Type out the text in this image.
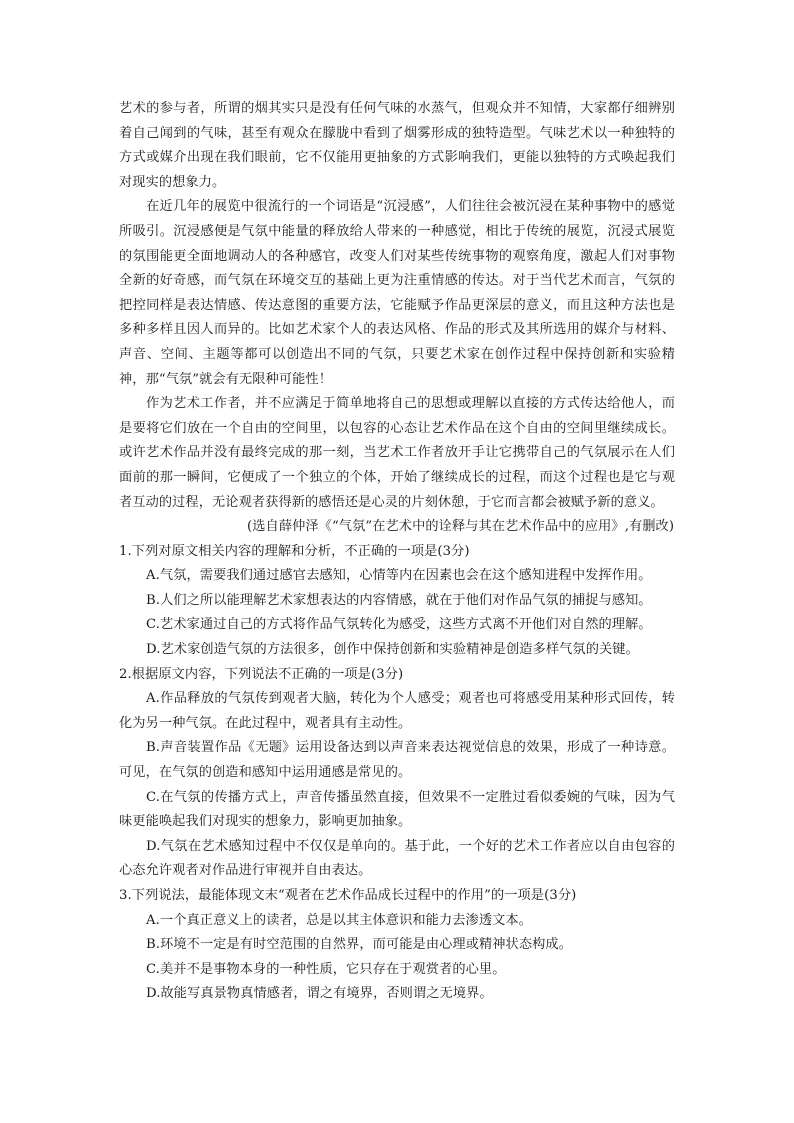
艺术的参与者，所谓的烟其实只是没有任何气味的水蒸气，但观众并不知情，大家都仔细辨别着自己闻到的气味，甚至有观众在朦胧中看到了烟雾形成的独特造型。气味艺术以一种独特的方式或媒介出现在我们眼前，它不仅能用更抽象的方式影响我们，更能以独特的方式唤起我们对现实的想象力。

在近几年的展览中很流行的一个词语是“沉浸感”，人们往往会被沉浸在某种事物中的感觉所吸引。沉浸感便是气氛中能量的释放给人带来的一种感觉，相比于传统的展览，沉浸式展览的氛围能更全面地调动人的各种感官，改变人们对某些传统事物的观察角度，激起人们对事物全新的好奇感，而气氛在环境交互的基础上更为注重情感的传达。对于当代艺术而言，气氛的把控同样是表达情感、传达意图的重要方法，它能赋予作品更深层的意义，而且这种方法也是多种多样且因人而异的。比如艺术家个人的表达风格、作品的形式及其所选用的媒介与材料、声音、空间、主题等都可以创造出不同的气氛，只要艺术家在创作过程中保持创新和实验精神，那“气氛”就会有无限种可能性！

作为艺术工作者，并不应满足于简单地将自己的思想或理解以直接的方式传达给他人，而是要将它们放在一个自由的空间里，以包容的心态让艺术作品在这个自由的空间里继续成长。或许艺术作品并没有最终完成的那一刻，当艺术工作者放开手让它携带自己的气氛展示在人们面前的那一瞬间，它便成了一个独立的个体，开始了继续成长的过程，而这个过程也是它与观者互动的过程，无论观者获得新的感悟还是心灵的片刻休憩，于它而言都会被赋予新的意义。

(选自薛仲泽《“气氛”在艺术中的诠释与其在艺术作品中的应用》,有删改)

1.下列对原文相关内容的理解和分析，不正确的一项是(3分)

A.气氛，需要我们通过感官去感知，心情等内在因素也会在这个感知进程中发挥作用。

B.人们之所以能理解艺术家想表达的内容情感，就在于他们对作品气氛的捕捉与感知。

C.艺术家通过自己的方式将作品气氛转化为感受，这些方式离不开他们对自然的理解。

D.艺术家创造气氛的方法很多，创作中保持创新和实验精神是创造多样气氛的关键。

2.根据原文内容，下列说法不正确的一项是(3分)

A.作品释放的气氛传到观者大脑，转化为个人感受；观者也可将感受用某种形式回传，转化为另一种气氛。在此过程中，观者具有主动性。

B.声音装置作品《无题》运用设备达到以声音来表达视觉信息的效果，形成了一种诗意。可见，在气氛的创造和感知中运用通感是常见的。

C.在气氛的传播方式上，声音传播虽然直接，但效果不一定胜过看似委婉的气味，因为气味更能唤起我们对现实的想象力，影响更加抽象。

D.气氛在艺术感知过程中不仅仅是单向的。基于此，一个好的艺术工作者应以自由包容的心态允许观者对作品进行审视并自由表达。

3.下列说法，最能体现文末“观者在艺术作品成长过程中的作用”的一项是(3分)

A.一个真正意义上的读者，总是以其主体意识和能力去渗透文本。

B.环境不一定是有时空范围的自然界，而可能是由心理或精神状态构成。

C.美并不是事物本身的一种性质，它只存在于观赏者的心里。

D.故能写真景物真情感者，谓之有境界，否则谓之无境界。
